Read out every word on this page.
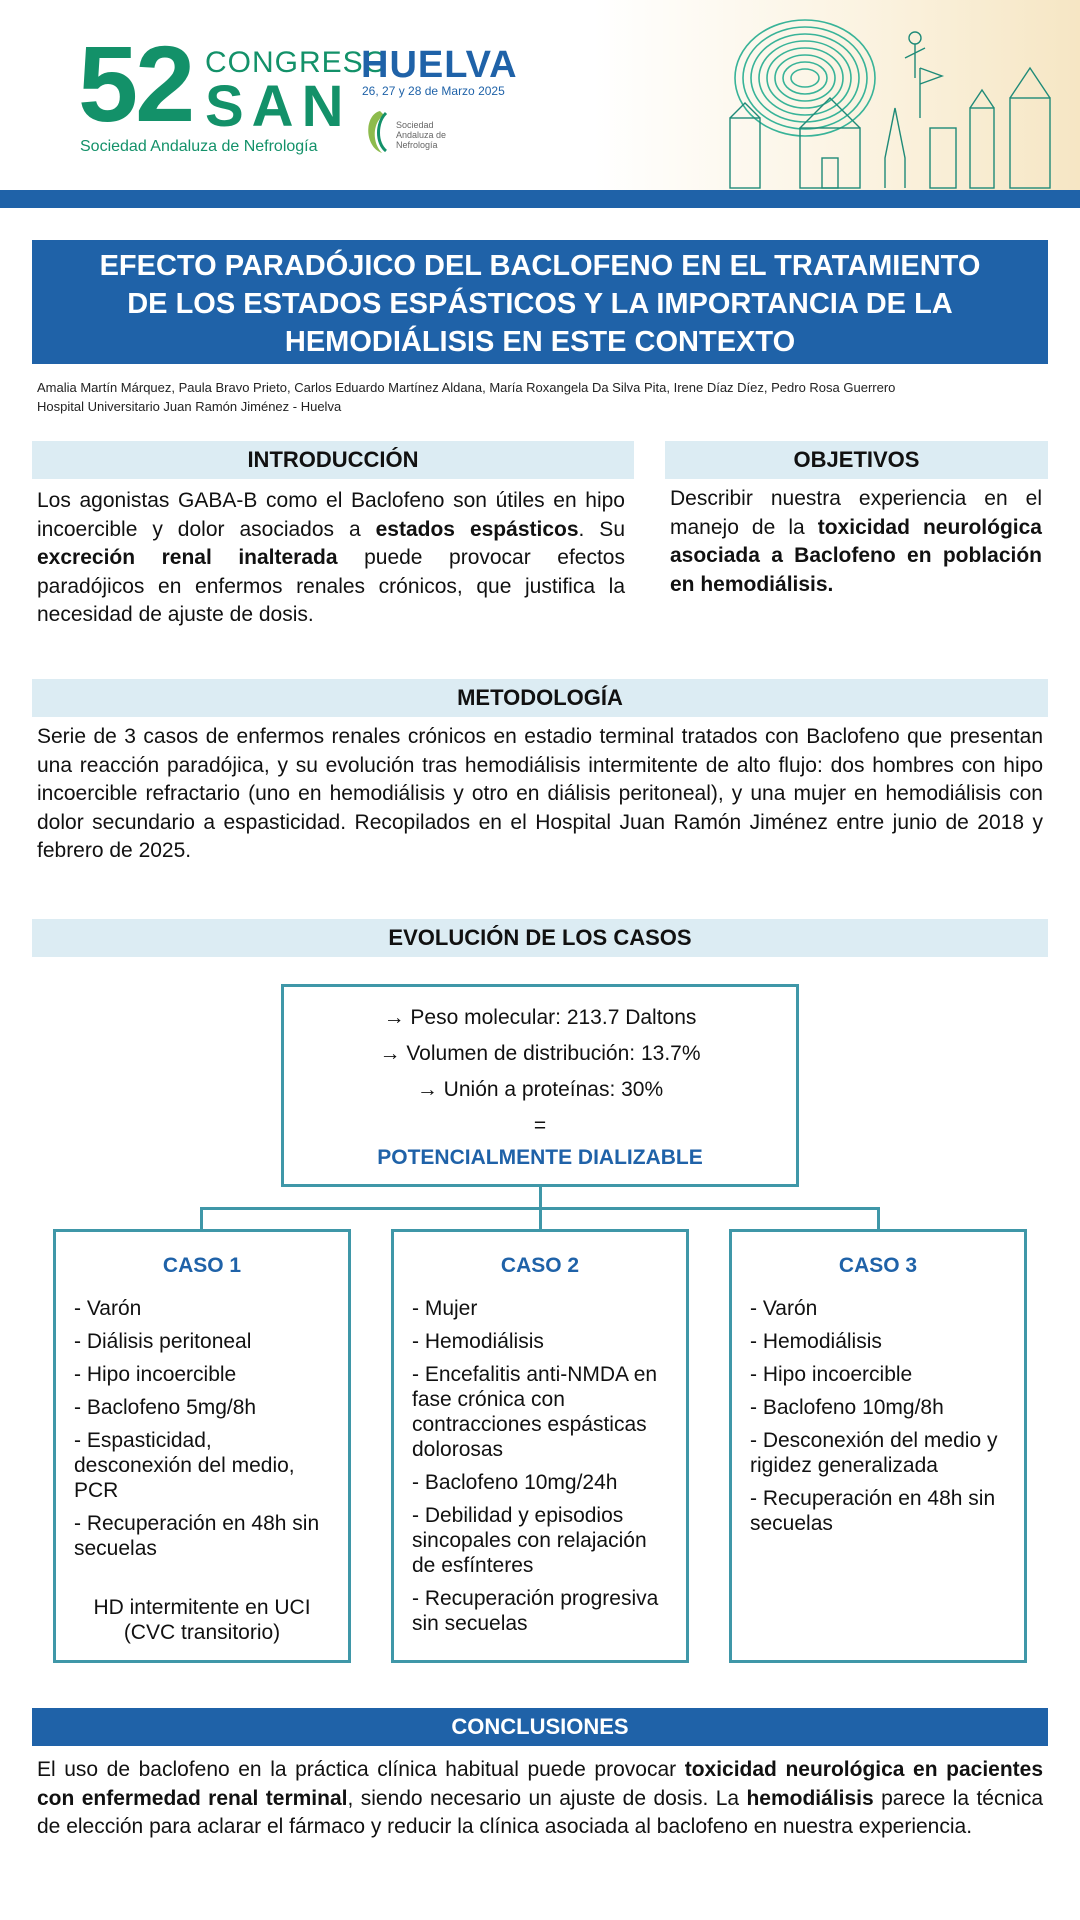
52 CONGRESO
SAN
Sociedad Andaluza de Nefrología
HUELVA
26, 27 y 28 de Marzo 2025
Sociedad Andaluza de Nefrología
EFECTO PARADÓJICO DEL BACLOFENO EN EL TRATAMIENTO
DE LOS ESTADOS ESPÁSTICOS Y LA IMPORTANCIA DE LA
HEMODIÁLISIS EN ESTE CONTEXTO
Amalia Martín Márquez, Paula Bravo Prieto, Carlos Eduardo Martínez Aldana, María Roxangela Da Silva Pita, Irene Díaz Díez, Pedro Rosa Guerrero
Hospital Universitario Juan Ramón Jiménez - Huelva
INTRODUCCIÓN
Los agonistas GABA-B como el Baclofeno son útiles en hipo incoercible y dolor asociados a estados espásticos. Su excreción renal inalterada puede provocar efectos paradójicos en enfermos renales crónicos, que justifica la necesidad de ajuste de dosis.
OBJETIVOS
Describir nuestra experiencia en el manejo de la toxicidad neurológica asociada a Baclofeno en población en hemodiálisis.
METODOLOGÍA
Serie de 3 casos de enfermos renales crónicos en estadio terminal tratados con Baclofeno que presentan una reacción paradójica, y su evolución tras hemodiálisis intermitente de alto flujo: dos hombres con hipo incoercible refractario (uno en hemodiálisis y otro en diálisis peritoneal), y una mujer en hemodiálisis con dolor secundario a espasticidad. Recopilados en el Hospital Juan Ramón Jiménez entre junio de 2018 y febrero de 2025.
EVOLUCIÓN DE LOS CASOS
→ Peso molecular: 213.7 Daltons
→ Volumen de distribución: 13.7%
→ Unión a proteínas: 30%
=
POTENCIALMENTE DIALIZABLE
CASO 1
- Varón
- Diálisis peritoneal
- Hipo incoercible
- Baclofeno 5mg/8h
- Espasticidad, desconexión del medio, PCR
- Recuperación en 48h sin secuelas
HD intermitente en UCI (CVC transitorio)
CASO 2
- Mujer
- Hemodiálisis
- Encefalitis anti-NMDA en fase crónica con contracciones espásticas dolorosas
- Baclofeno 10mg/24h
- Debilidad y episodios sincopales con relajación de esfínteres
- Recuperación progresiva sin secuelas
CASO 3
- Varón
- Hemodiálisis
- Hipo incoercible
- Baclofeno 10mg/8h
- Desconexión del medio y rigidez generalizada
- Recuperación en 48h sin secuelas
CONCLUSIONES
El uso de baclofeno en la práctica clínica habitual puede provocar toxicidad neurológica en pacientes con enfermedad renal terminal, siendo necesario un ajuste de dosis. La hemodiálisis parece la técnica de elección para aclarar el fármaco y reducir la clínica asociada al baclofeno en nuestra experiencia.
